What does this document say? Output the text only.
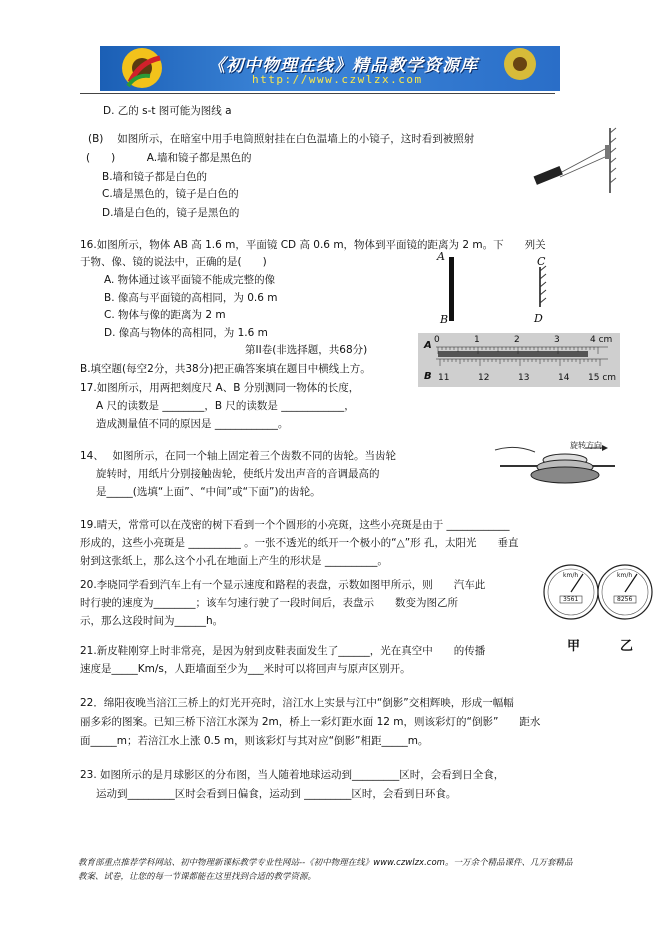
《初中物理在线》精品教学资源库
http://www.czwlzx.com
D. 乙的 s-t 图可能为图线 a
(B)　 如图所示，在暗室中用手电筒照射挂在白色温墙上的小镜子，这时看到被照射
(　　)　　　A.墙和镜子都是黑色的
B.墙和镜子都是白色的
C.墙是黑色的，镜子是白色的
D.墙是白色的，镜子是黑色的
16.如图所示，物体 AB 高 1.6 m，平面镜 CD 高 0.6 m，物体到平面镜的距离为 2 m。下　　列关
于物、像、镜的说法中，正确的是(　　)
A. 物体通过该平面镜不能成完整的像
B. 像高与平面镜的高相同，为 0.6 m
C. 物体与像的距离为 2 m
D. 像高与物体的高相同，为 1.6 m
第II卷(非选择题，共68分)
B.填空题(每空2分，共38分)把正确答案填在题目中横线上方。
17.如图所示，用两把刻度尺 A、B 分别测同一物体的长度，
A 尺的读数是 ________，B 尺的读数是 ____________，
造成测量值不同的原因是 ____________。
14、　 如图所示，在同一个轴上固定着三个齿数不同的齿轮。当齿轮
旋转时，用纸片分别接触齿轮，使纸片发出声音的音调最高的
是_____(选填“上面”、“中间”或“下面”)的齿轮。
19.晴天，常常可以在茂密的树下看到一个个圆形的小亮斑，这些小亮斑是由于 ____________
形成的，这些小亮斑是 __________ 。一张不透光的纸开一个极小的“△”形 孔，太阳光　　垂直
射到这张纸上，那么这个小孔在地面上产生的形状是 __________。
20.李晓同学看到汽车上有一个显示速度和路程的表盘，示数如图甲所示，则　　汽车此
时行驶的速度为________；该车匀速行驶了一段时间后，表盘示　　数变为图乙所
示，那么这段时间为______h。
21.新皮鞋刚穿上时非常亮，是因为射到皮鞋表面发生了______，光在真空中　　的传播
速度是_____Km/s，人距墙面至少为___米时可以将回声与原声区别开。
22．绵阳夜晚当涪江三桥上的灯光开亮时，涪江水上实景与江中“倒影”交相辉映，形成一幅幅
丽多彩的图案。已知三桥下涪江水深为 2m，桥上一彩灯距水面 12 m，则该彩灯的“倒影”　　距水
面_____m；若涪江水上涨 0.5 m，则该彩灯与其对应“倒影”相距_____m。
23. 如图所示的是月球影区的分布图，当人随着地球运动到_________区时，会看到日全食，
运动到_________区时会看到日偏食，运动到 _________区时，会看到日环食。
A
B
C
D
A
B
0	1	2	3	4 cm
11	12	13	14 15 cm
旋转方向
km/h	km/h
3561	8256
甲	乙
教育部重点推荐学科网站、初中物理新课标教学专业性网站--《初中物理在线》www.czwlzx.com。一万余个精品课件、几万套精品教案、试卷，让您的每一节课都能在这里找到合适的教学资源。
